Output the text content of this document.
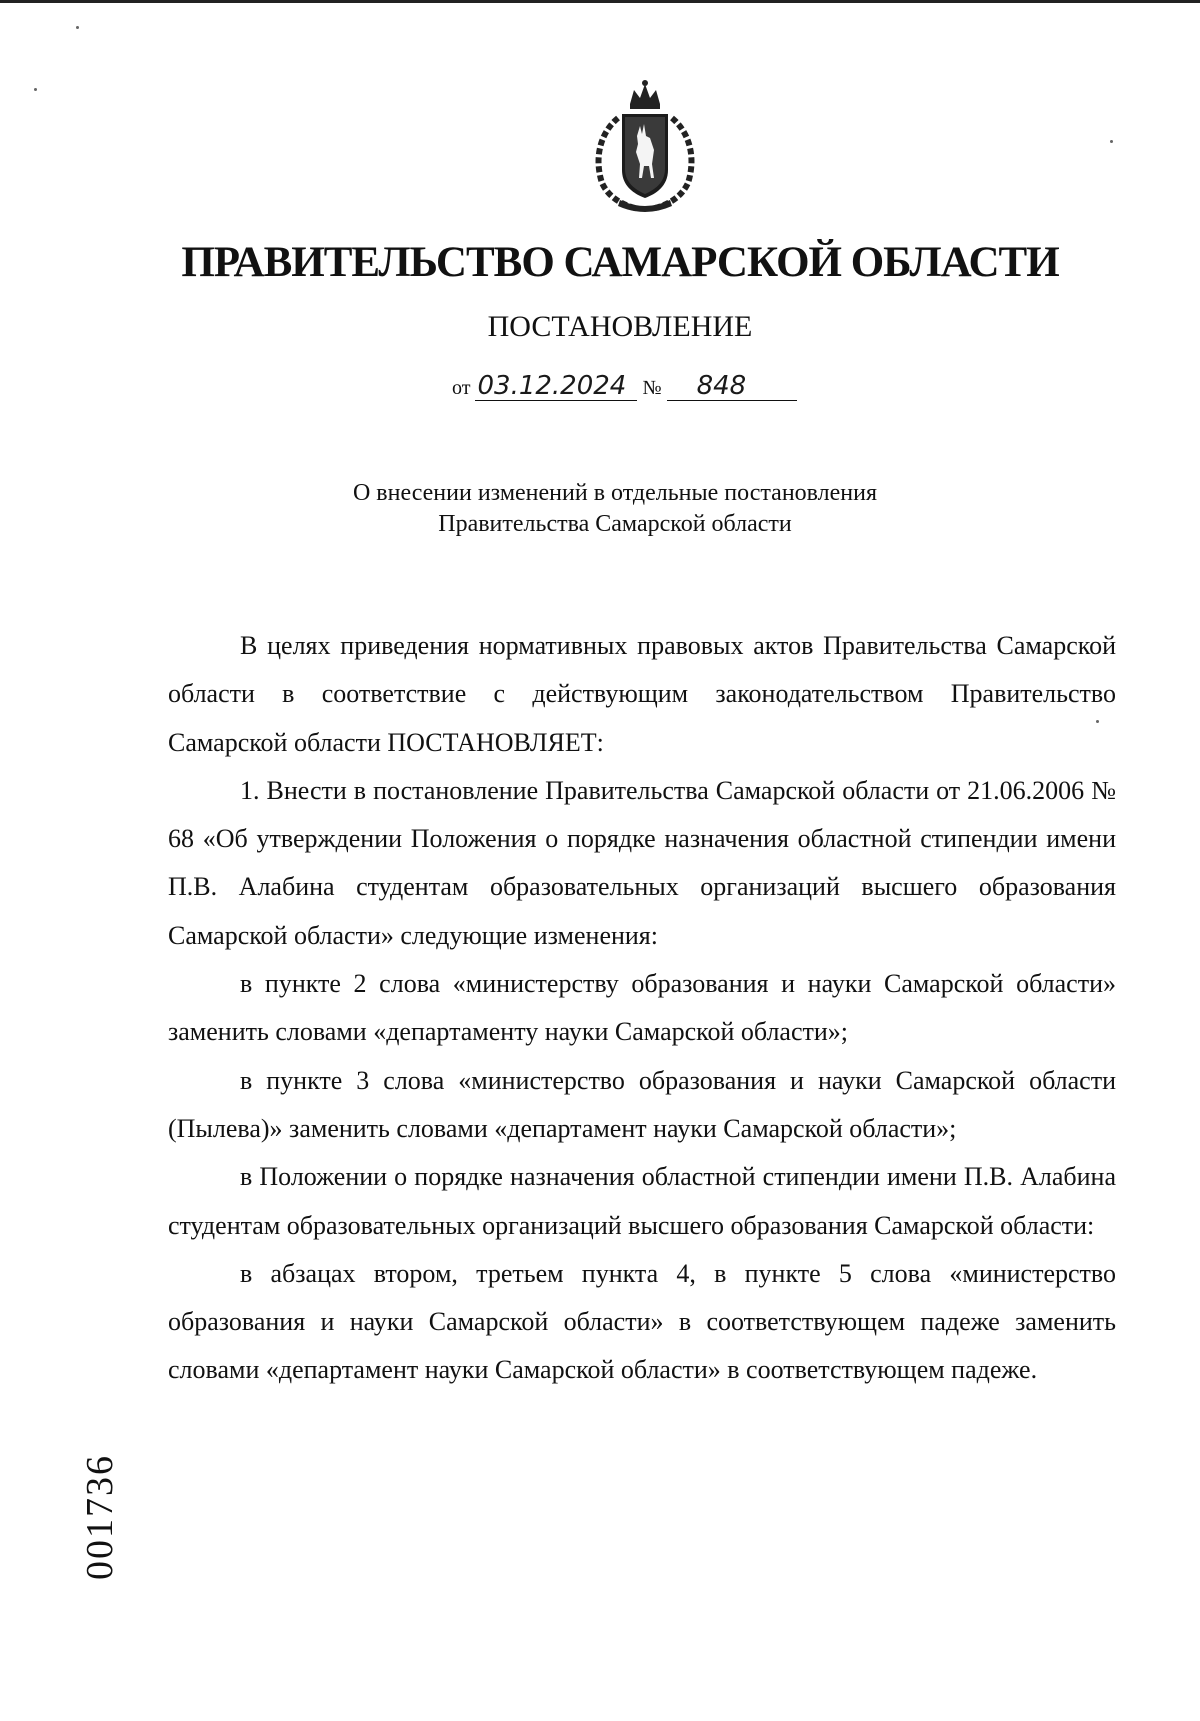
ПРАВИТЕЛЬСТВО САМАРСКОЙ ОБЛАСТИ
ПОСТАНОВЛЕНИЕ
от 03.12.2024 № 848
О внесении изменений в отдельные постановления
Правительства Самарской области

В целях приведения нормативных правовых актов Правительства Самарской области в соответствие с действующим законодательством Правительство Самарской области ПОСТАНОВЛЯЕТ:

1. Внести в постановление Правительства Самарской области от 21.06.2006 № 68 «Об утверждении Положения о порядке назначения областной стипендии имени П.В. Алабина студентам образовательных организаций высшего образования Самарской области» следующие изменения:

в пункте 2 слова «министерству образования и науки Самарской области» заменить словами «департаменту науки Самарской области»;

в пункте 3 слова «министерство образования и науки Самарской области (Пылева)» заменить словами «департамент науки Самарской области»;

в Положении о порядке назначения областной стипендии имени П.В. Алабина студентам образовательных организаций высшего образования Самарской области:

в абзацах втором, третьем пункта 4, в пункте 5 слова «министерство образования и науки Самарской области» в соответствующем падеже заменить словами «департамент науки Самарской области» в соответствующем падеже.

001736
